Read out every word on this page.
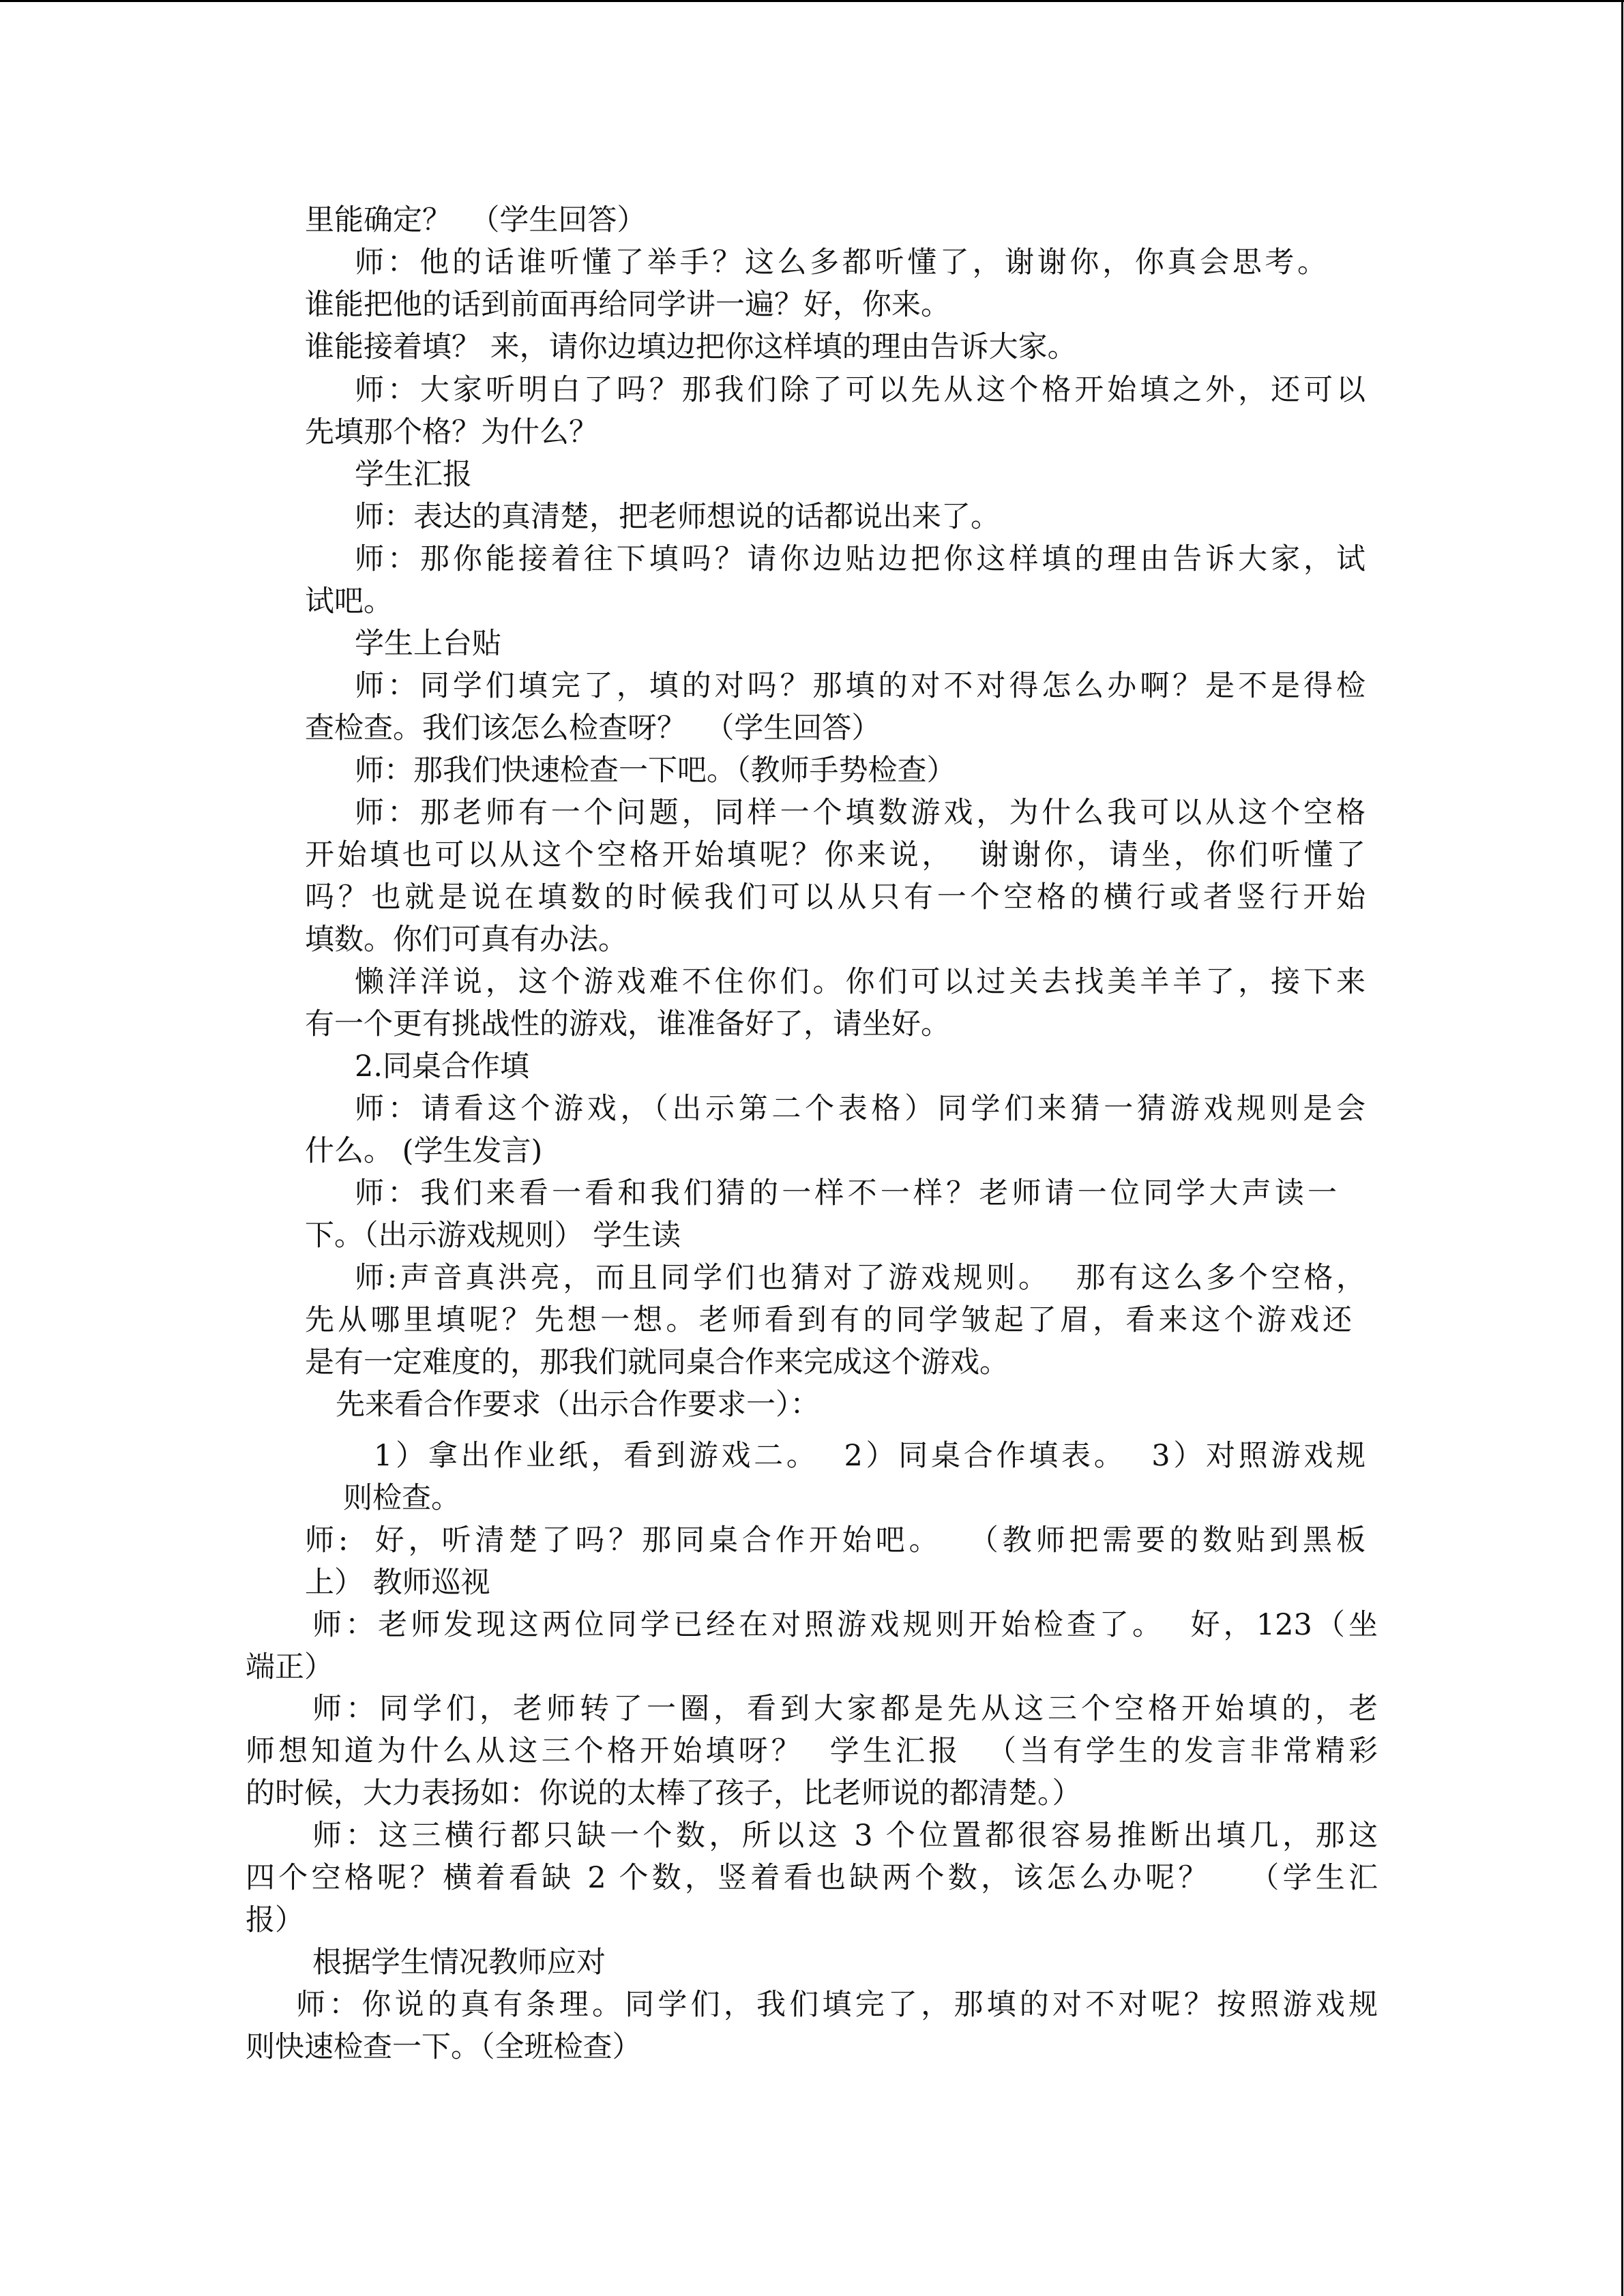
里能确定？  （学生回答）
师：他的话谁听懂了举手？这么多都听懂了，谢谢你，你真会思考。
谁能把他的话到前面再给同学讲一遍？好，你来。
谁能接着填？ 来，请你边填边把你这样填的理由告诉大家。
师：大家听明白了吗？那我们除了可以先从这个格开始填之外，还可以
先填那个格？为什么？
学生汇报
师：表达的真清楚，把老师想说的话都说出来了。
师：那你能接着往下填吗？请你边贴边把你这样填的理由告诉大家，试
试吧。
学生上台贴
师：同学们填完了，填的对吗？那填的对不对得怎么办啊？是不是得检
查检查。我们该怎么检查呀？  （学生回答）
师：那我们快速检查一下吧。（教师手势检查）
师：那老师有一个问题，同样一个填数游戏，为什么我可以从这个空格
开始填也可以从这个空格开始填呢？你来说，  谢谢你，请坐，你们听懂了
吗？也就是说在填数的时候我们可以从只有一个空格的横行或者竖行开始
填数。你们可真有办法。
懒洋洋说，这个游戏难不住你们。你们可以过关去找美羊羊了，接下来
有一个更有挑战性的游戏，谁准备好了，请坐好。
2.同桌合作填
师：请看这个游戏，（出示第二个表格）同学们来猜一猜游戏规则是会
什么。 (学生发言)
师：我们来看一看和我们猜的一样不一样？老师请一位同学大声读一
下。（出示游戏规则） 学生读
师:声音真洪亮，而且同学们也猜对了游戏规则。  那有这么多个空格，
先从哪里填呢？先想一想。老师看到有的同学皱起了眉，看来这个游戏还
是有一定难度的，那我们就同桌合作来完成这个游戏。
先来看合作要求（出示合作要求一）：
1）拿出作业纸，看到游戏二。  2）同桌合作填表。  3）对照游戏规
则检查。
师:  好，听清楚了吗？那同桌合作开始吧。  （教师把需要的数贴到黑板
上） 教师巡视
师：老师发现这两位同学已经在对照游戏规则开始检查了。  好，123（坐
端正）
师：同学们，老师转了一圈，看到大家都是先从这三个空格开始填的，老
师想知道为什么从这三个格开始填呀？  学生汇报  （当有学生的发言非常精彩
的时候，大力表扬如：你说的太棒了孩子，比老师说的都清楚。）
师：这三横行都只缺一个数，所以这 3 个位置都很容易推断出填几，那这
四个空格呢？横着看缺 2 个数，竖着看也缺两个数，该怎么办呢？   （学生汇
报）
根据学生情况教师应对
师：你说的真有条理。同学们，我们填完了，那填的对不对呢？按照游戏规
则快速检查一下。（全班检查）
